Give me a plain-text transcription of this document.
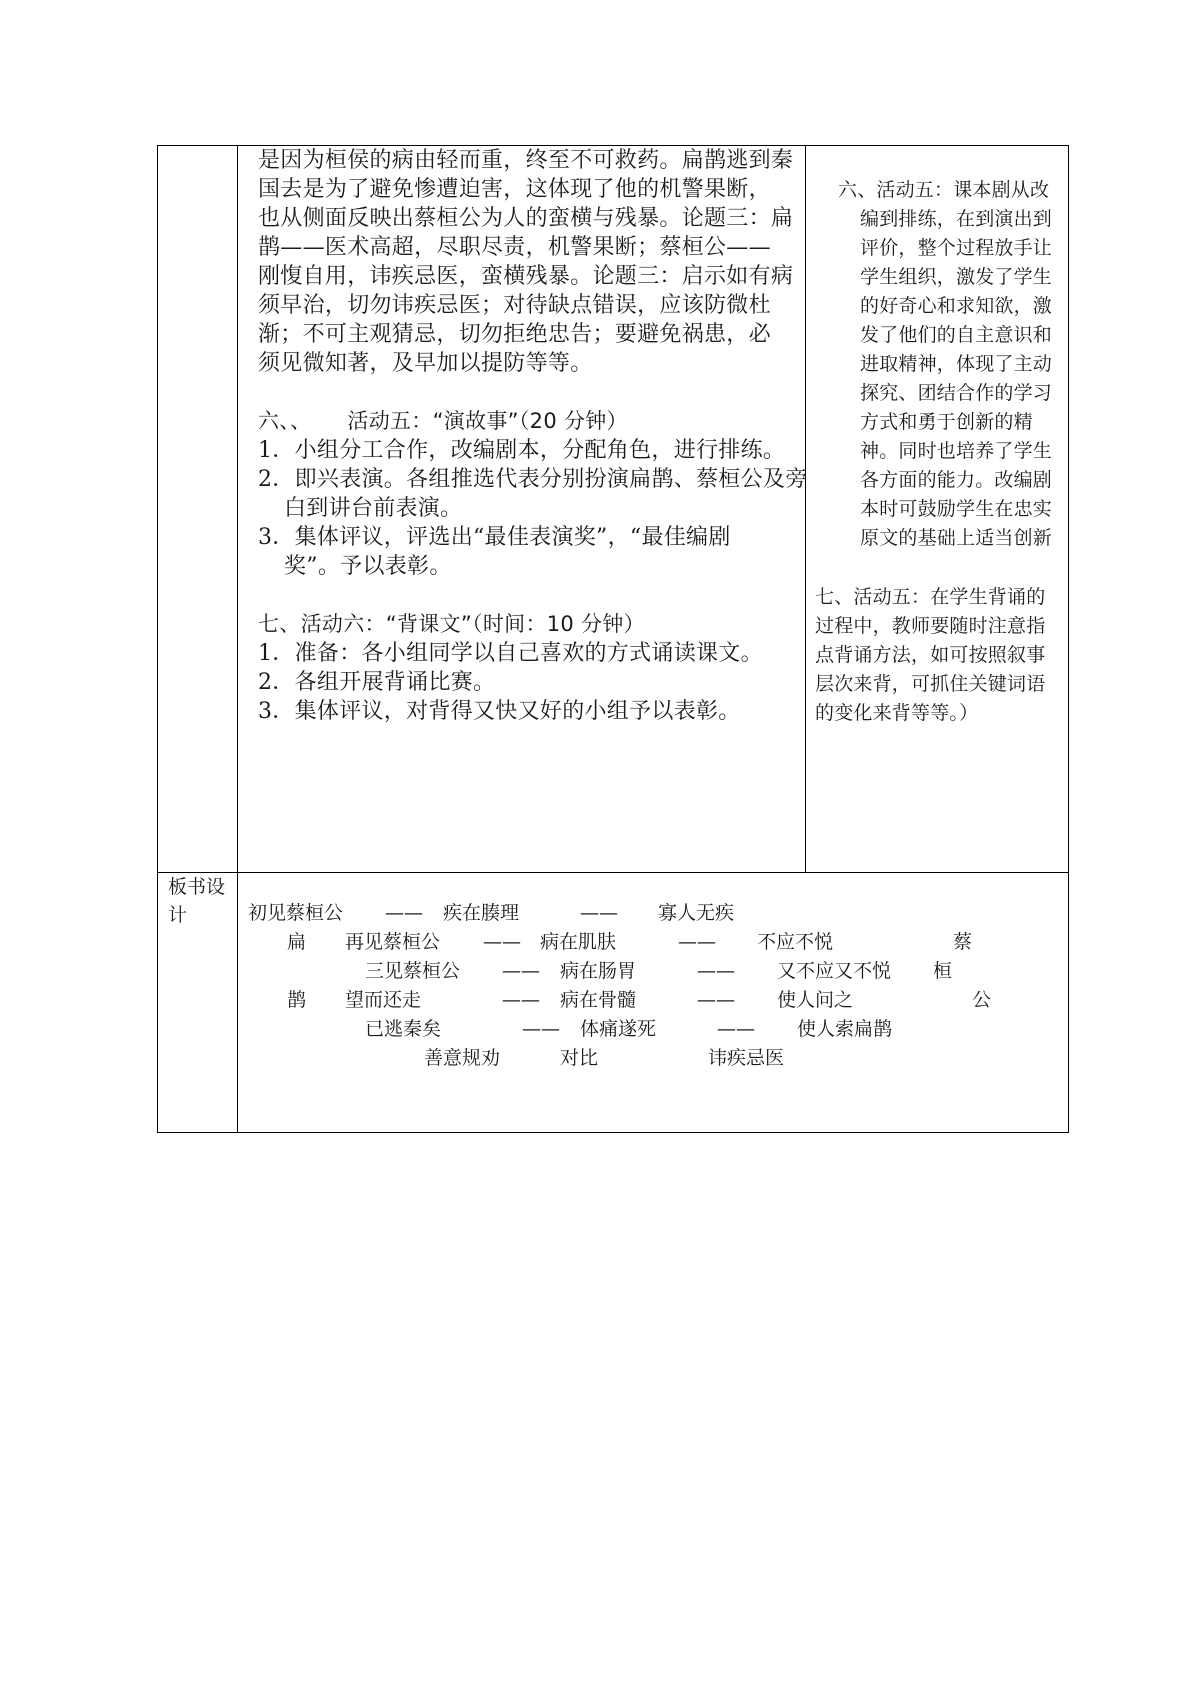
是因为桓侯的病由轻而重，终至不可救药。扁鹊逃到秦
国去是为了避免惨遭迫害，这体现了他的机警果断，
也从侧面反映出蔡桓公为人的蛮横与残暴。论题三：扁
鹊——医术高超，尽职尽责，机警果断；蔡桓公——
刚愎自用，讳疾忌医，蛮横残暴。论题三：启示如有病
须早治，切勿讳疾忌医；对待缺点错误，应该防微杜
渐；不可主观猜忌，切勿拒绝忠告；要避免祸患，必
须见微知著，及早加以提防等等。
六、、 活动五：“演故事”（20 分钟）
1．小组分工合作，改编剧本，分配角色，进行排练。
2．即兴表演。各组推选代表分别扮演扁鹊、蔡桓公及旁
白到讲台前表演。
3．集体评议，评选出“最佳表演奖”，“最佳编剧
奖”。予以表彰。
七、活动六：“背课文”（时间：10 分钟）
1．准备：各小组同学以自己喜欢的方式诵读课文。
2．各组开展背诵比赛。
3．集体评议，对背得又快又好的小组予以表彰。
六、活动五：课本剧从改
编到排练，在到演出到
评价，整个过程放手让
学生组织，激发了学生
的好奇心和求知欲，激
发了他们的自主意识和
进取精神，体现了主动
探究、团结合作的学习
方式和勇于创新的精
神。同时也培养了学生
各方面的能力。改编剧
本时可鼓励学生在忠实
原文的基础上适当创新
七、活动五：在学生背诵的
过程中，教师要随时注意指
点背诵方法，如可按照叙事
层次来背，可抓住关键词语
的变化来背等等。）
板书设计
扁
鹊
蔡
桓
公
初见蔡桓公 —— 疾在腠理	—— 寡人无疾
再见蔡桓公 —— 病在肌肤	—— 不应不悦
三见蔡桓公 —— 病在肠胃	—— 又不应又不悦
望而还走	—— 病在骨髓	—— 使人问之
已逃秦矣	—— 体痛遂死	—— 使人索扁鹊
善意规劝	对比	讳疾忌医
